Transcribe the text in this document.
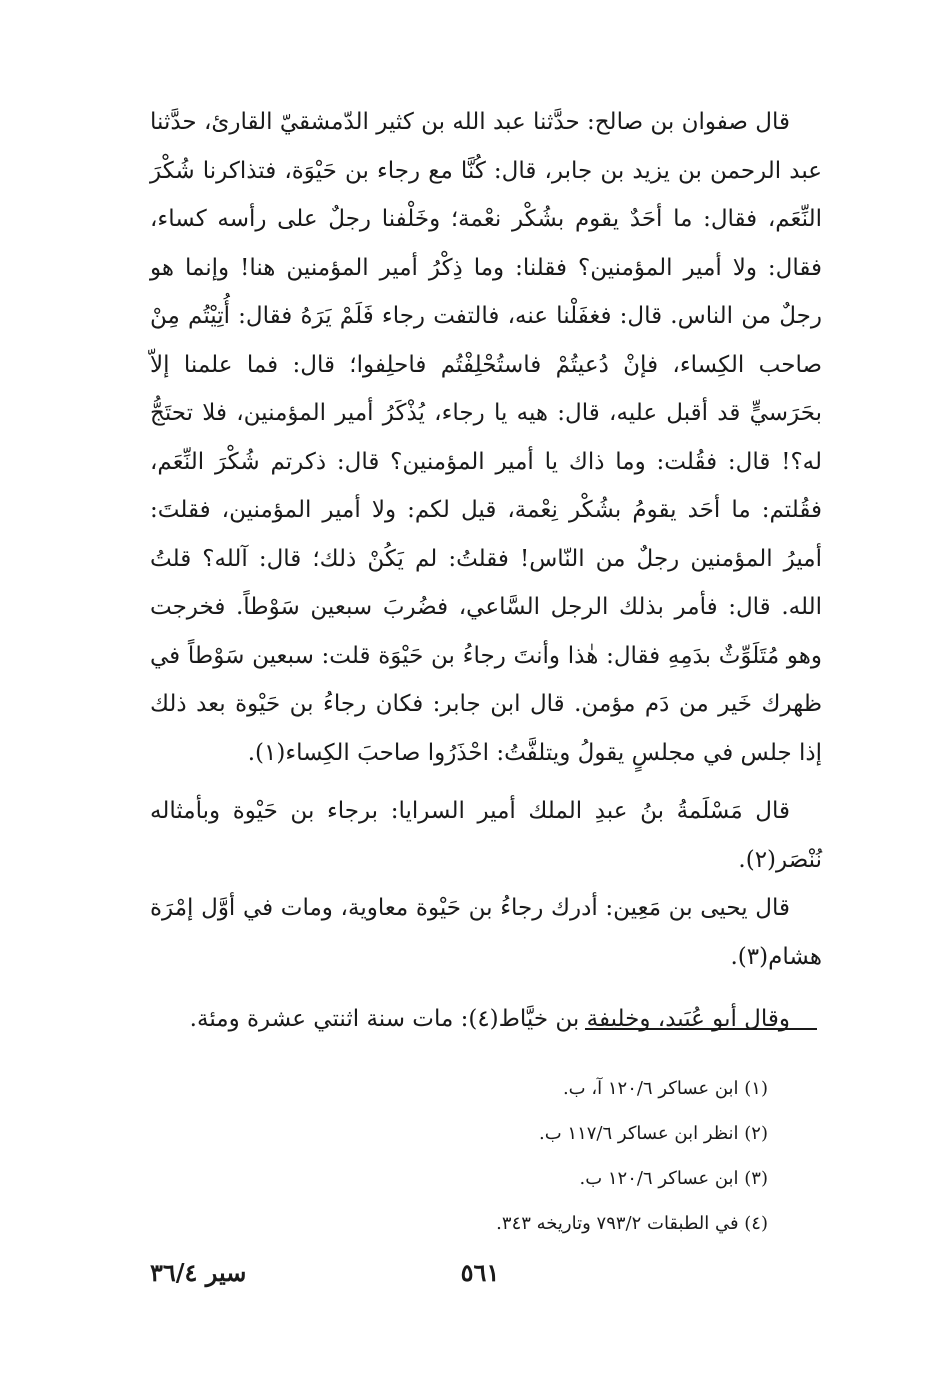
قال صفوان بن صالح: حدَّثنا عبد الله بن كثير الدّمشقيّ القارئ، حدَّثنا عبد الرحمن بن يزيد بن جابر، قال: كُنَّا مع رجاء بن حَيْوَة، فتذاكرنا شُكْرَ النِّعَم، فقال: ما أحَدٌ يقوم بشُكْر نعْمة؛ وخَلْفنا رجلٌ على رأسه كساء، فقال: ولا أمير المؤمنين؟ فقلنا: وما ذِكْرُ أمير المؤمنين هنا! وإنما هو رجلٌ من الناس. قال: فغفَلْنا عنه، فالتفت رجاء فَلَمْ يَرَهُ فقال: أُتِيْتُم مِنْ صاحب الكِساء، فإنْ دُعيتُمْ فاستُحْلِفْتُم فاحلِفوا؛ قال: فما علمنا إلاّ بحَرَسيٍّ قد أقبل عليه، قال: هيه يا رجاء، يُذْكَرُ أمير المؤمنين، فلا تحتَجُّ له؟! قال: فقُلت: وما ذاك يا أمير المؤمنين؟ قال: ذكرتم شُكْرَ النِّعَم، فقُلتم: ما أحَد يقومُ بشُكْر نِعْمة، قيل لكم: ولا أمير المؤمنين، فقلتَ: أميرُ المؤمنين رجلٌ من النّاس! فقلتُ: لم يَكُنْ ذلك؛ قال: آلله؟ قلتُ الله. قال: فأمر بذلك الرجل السَّاعي، فضُربَ سبعين سَوْطاً. فخرجت وهو مُتَلَوِّثٌ بدَمِهِ فقال: هٰذا وأنتَ رجاءُ بن حَيْوَة قلت: سبعين سَوْطاً في ظهرك خَير من دَم مؤمن. قال ابن جابر: فكان رجاءُ بن حَيْوة بعد ذلك إذا جلس في مجلسٍ يقولُ ويتلفَّتُ: احْذَرُوا صاحبَ الكِساء(١).

قال مَسْلَمةُ بنُ عبدِ الملك أمير السرايا: برجاء بن حَيْوة وبأمثاله نُنْصَر(٢).

قال يحيى بن مَعِين: أدرك رجاءُ بن حَيْوة معاوية، ومات في أوَّل إمْرَة هشام(٣).

وقال أبو عُبَيد، وخليفة بن خيَّاط(٤): مات سنة اثنتي عشرة ومئة.

(١) ابن عساكر ١٢٠/٦ آ، ب.

(٢) انظر ابن عساكر ١١٧/٦ ب.

(٣) ابن عساكر ١٢٠/٦ ب.

(٤) في الطبقات ٧٩٣/٢ وتاريخه ٣٤٣.

٥٦١
سير ٣٦/٤
